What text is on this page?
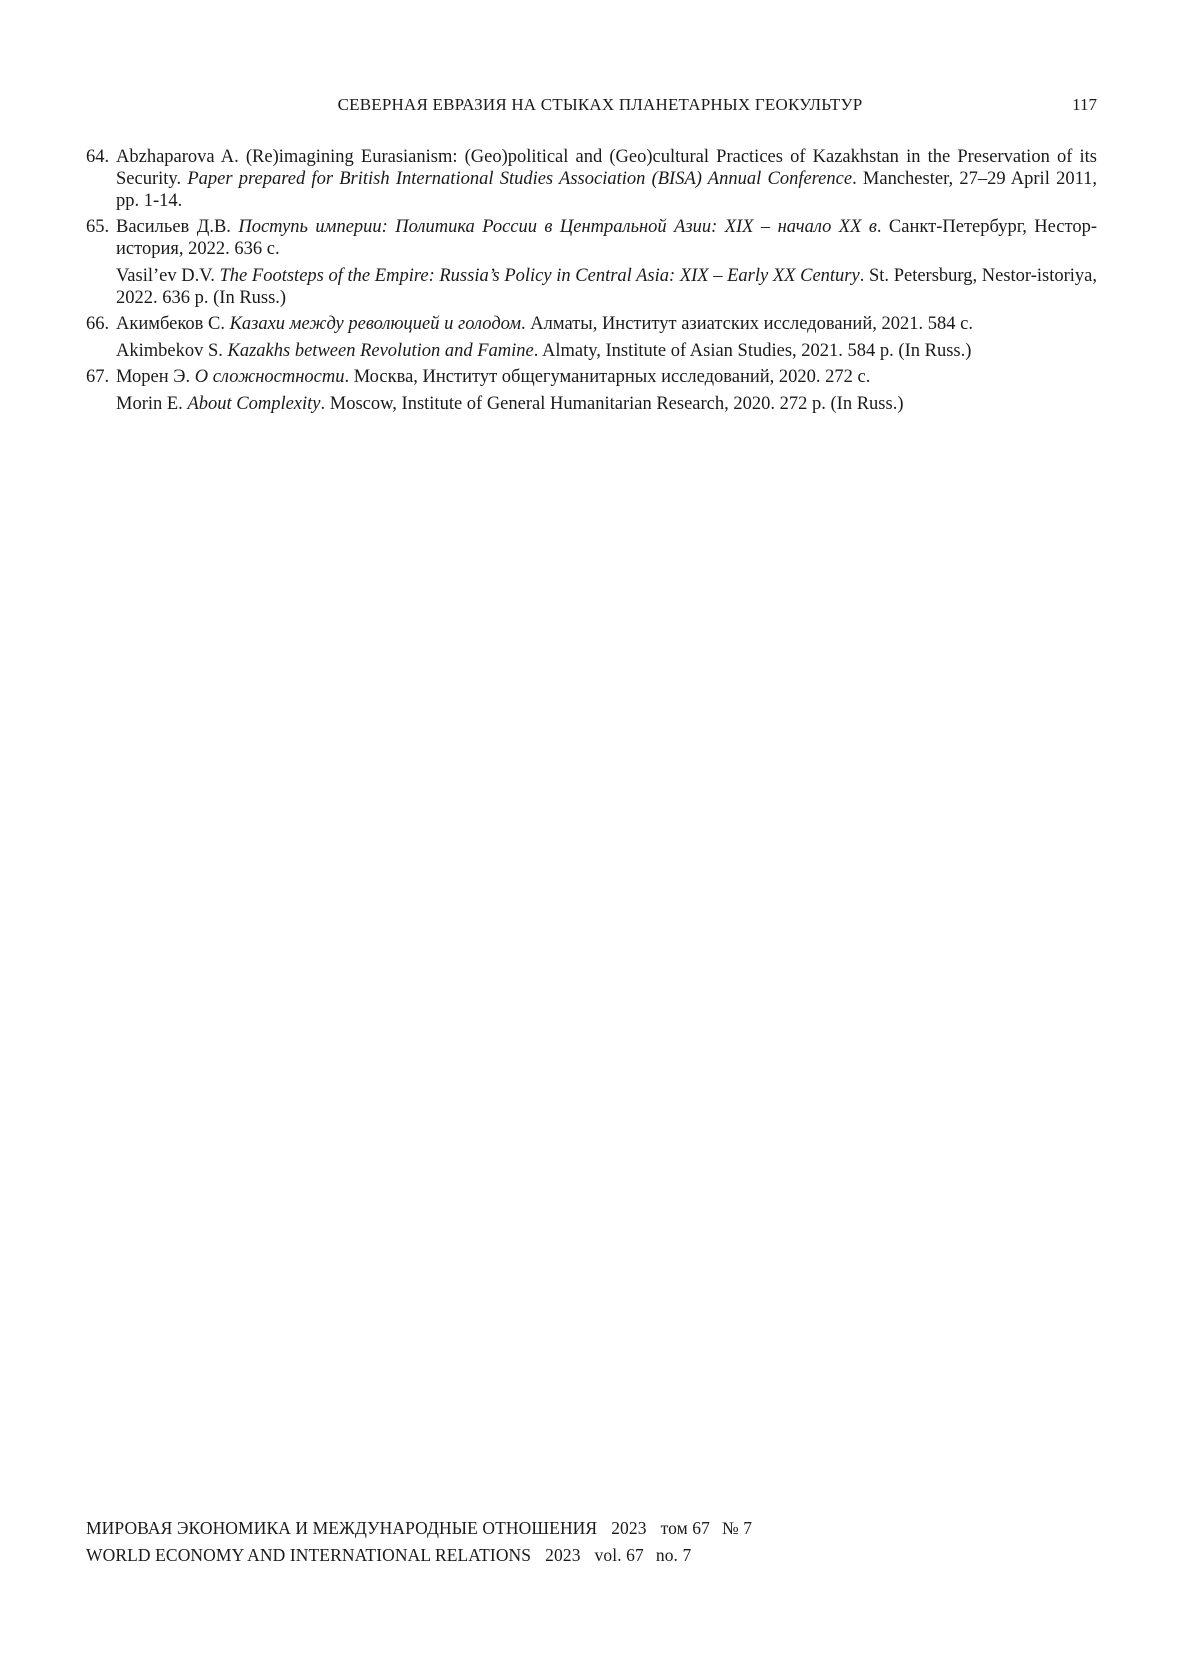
СЕВЕРНАЯ ЕВРАЗИЯ НА СТЫКАХ ПЛАНЕТАРНЫХ ГЕОКУЛЬТУР	117
64. Abzhaparova A. (Re)imagining Eurasianism: (Geo)political and (Geo)cultural Practices of Kazakhstan in the Preservation of its Security. Paper prepared for British International Studies Association (BISA) Annual Conference. Manchester, 27–29 April 2011, pp. 1-14.
65. Васильев Д.В. Поступь империи: Политика России в Центральной Азии: XIX – начало XX в. Санкт-Петербург, Нестор-история, 2022. 636 с.
Vasil’ev D.V. The Footsteps of the Empire: Russia’s Policy in Central Asia: XIX – Early XX Century. St. Petersburg, Nestor-istoriya, 2022. 636 p. (In Russ.)
66. Акимбеков С. Казахи между революцией и голодом. Алматы, Институт азиатских исследований, 2021. 584 с.
Akimbekov S. Kazakhs between Revolution and Famine. Almaty, Institute of Asian Studies, 2021. 584 p. (In Russ.)
67. Морен Э. О сложностности. Москва, Институт общегуманитарных исследований, 2020. 272 с.
Morin E. About Complexity. Moscow, Institute of General Humanitarian Research, 2020. 272 p. (In Russ.)
МИРОВАЯ ЭКОНОМИКА И МЕЖДУНАРОДНЫЕ ОТНОШЕНИЯ 2023 том 67 № 7
WORLD ECONOMY AND INTERNATIONAL RELATIONS 2023 vol. 67 no. 7
